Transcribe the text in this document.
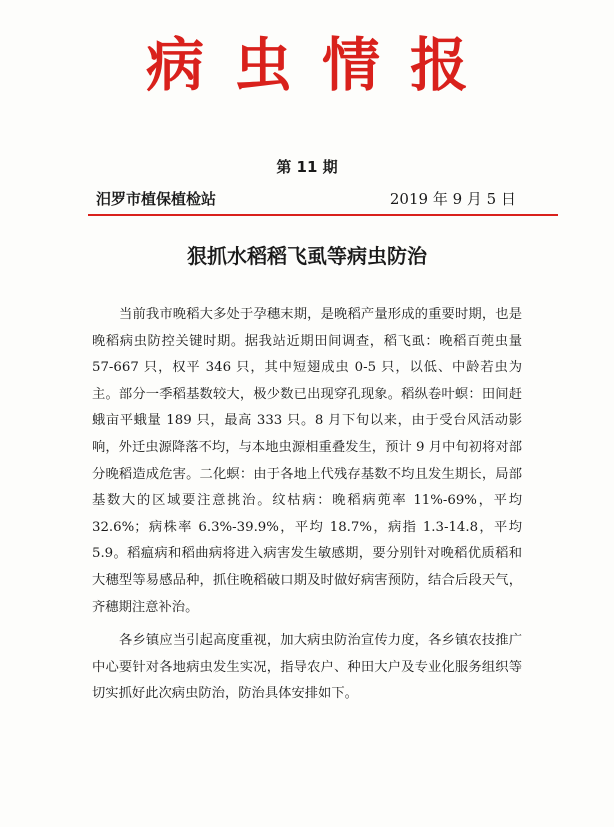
病虫情报
第 11 期
汨罗市植保植检站	2019 年 9 月 5 日
狠抓水稻稻飞虱等病虫防治

当前我市晚稻大多处于孕穗末期，是晚稻产量形成的重要时期，也是晚稻病虫防控关键时期。据我站近期田间调查，稻飞虱：晚稻百蔸虫量 57-667 只，权平 346 只，其中短翅成虫 0-5 只，以低、中龄若虫为主。部分一季稻基数较大，极少数已出现穿孔现象。稻纵卷叶螟：田间赶蛾亩平蛾量 189 只，最高 333 只。8 月下旬以来，由于受台风活动影响，外迁虫源降落不均，与本地虫源相重叠发生，预计 9 月中旬初将对部分晚稻造成危害。二化螟：由于各地上代残存基数不均且发生期长，局部基数大的区域要注意挑治。纹枯病：晚稻病蔸率 11%-69%，平均 32.6%；病株率 6.3%-39.9%，平均 18.7%，病指 1.3-14.8，平均 5.9。稻瘟病和稻曲病将进入病害发生敏感期，要分别针对晚稻优质稻和大穗型等易感品种，抓住晚稻破口期及时做好病害预防，结合后段天气，齐穗期注意补治。

各乡镇应当引起高度重视，加大病虫防治宣传力度，各乡镇农技推广中心要针对各地病虫发生实况，指导农户、种田大户及专业化服务组织等切实抓好此次病虫防治，防治具体安排如下。
